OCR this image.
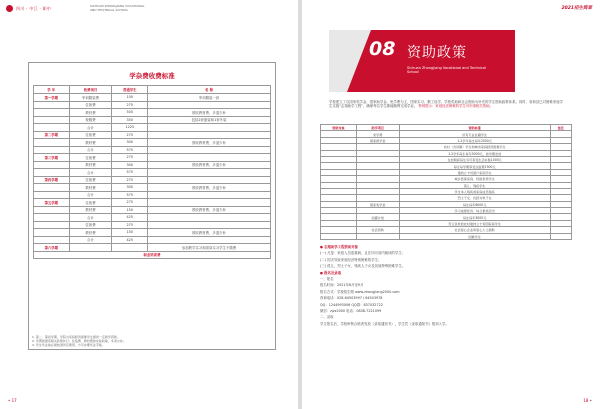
四川 · 中江 · 职中	SICHUAN ZHONGJIANG VOCATIONAL AND TECHNICAL SCHOOL
学杂费收费标准
学 年	收费项目	普通学生	名 称
第一学期	军训服装费	100	军训服装一套
	住宿费	275	
	教材费	500	预收教材费，多退少补
	校服费	350	包括2套夏装和1套冬装
	合计	1225	
第二学期	住宿费	275	
	教材费	300	预收教材费，多退少补
	合计	575	
第三学期	住宿费	275	
	教材费	300	预收教材费，多退少补
	合计	575	
第四学期	住宿费	275	
	教材费	300	预收教材费，多退少补
	合计	575	
第五学期	住宿费	275	
	教材费	150	预收教材费，多退少补
	合计	425	
	住宿费	275	
	教材费	150	预收教材费，多退少补
	合计	425	
第六学期			参加教学实习和顶岗实习学生不缴费
职业培训费			
1. 第二、第四学期，学院为家庭经济困难学生提供一定助学资助。
2. 学费按国家相关政策执行；住宿费、教材费按实际收取，多退少补。
3. 学生毕业前必须结清所有费用，方可办理毕业手续。
• 17
2021招生简章
08 资助政策
Sichuan Zhongjiang Vocational and Technical School
学校建立了以国家奖学金、国家助学金、免学费为主，国家实习、勤工俭学、学校奖助和社会资助为补充的学生资助政策体系。同时，省和县已对困难家庭学生实施“志翔助学工程”，确保每位学生都能顺利完成学业。 特别提示：家庭经济困难的学生可申请相关资助。
资助对象	助学项目	资助标准	备注
	免学费	所有专业在籍学生	
	国家助学金	1-2学年每生每年2000元	
		农村（含县镇）学生和城市家庭经济困难学生	
		1-2学年每生每年3000元，按学期发放	
		在校期间每生另可享受生活补贴1000元	
		每生每学期享受住宿费1500元	
		建档立卡贫困户家庭学生	
		城乡低保家庭、特困供养学生	
		孤儿、残疾学生	
		学生本人残疾或家庭成员残疾	
		烈士子女、优抚对象子女	
	国家奖学金	每生每年6000元	
		学习成绩优异、综合素质突出	
	雨露计划	每生每年3000元	
		符合条件的农村建档立卡贫困家庭学生	
	社会资助	社会爱心企业和爱心人士捐助	
		困难学生	
● 志翔助学工程资助对象
(一) 凡是：家庭人员患重病，且在四川省内就读的学生；
(二) 因灾导致家庭经济特别困难的学生；
(三) 孤儿、烈士子女、残疾人子女及其他特殊困难学生。
● 报名及录取
一、报名
报名时间：2021年6月至9月
报名方式：学校招生网 www.zhongjiang2000.com
咨询电话：028-64503997 / 64503978
QQ：1244993006 QQ群：837032722
微信：zjzz2000 电话：0838-7221099
二、录取
学生报名后，学校审核合格者发放《录取通知书》，学生凭《录取通知书》报到入学。
18 •
